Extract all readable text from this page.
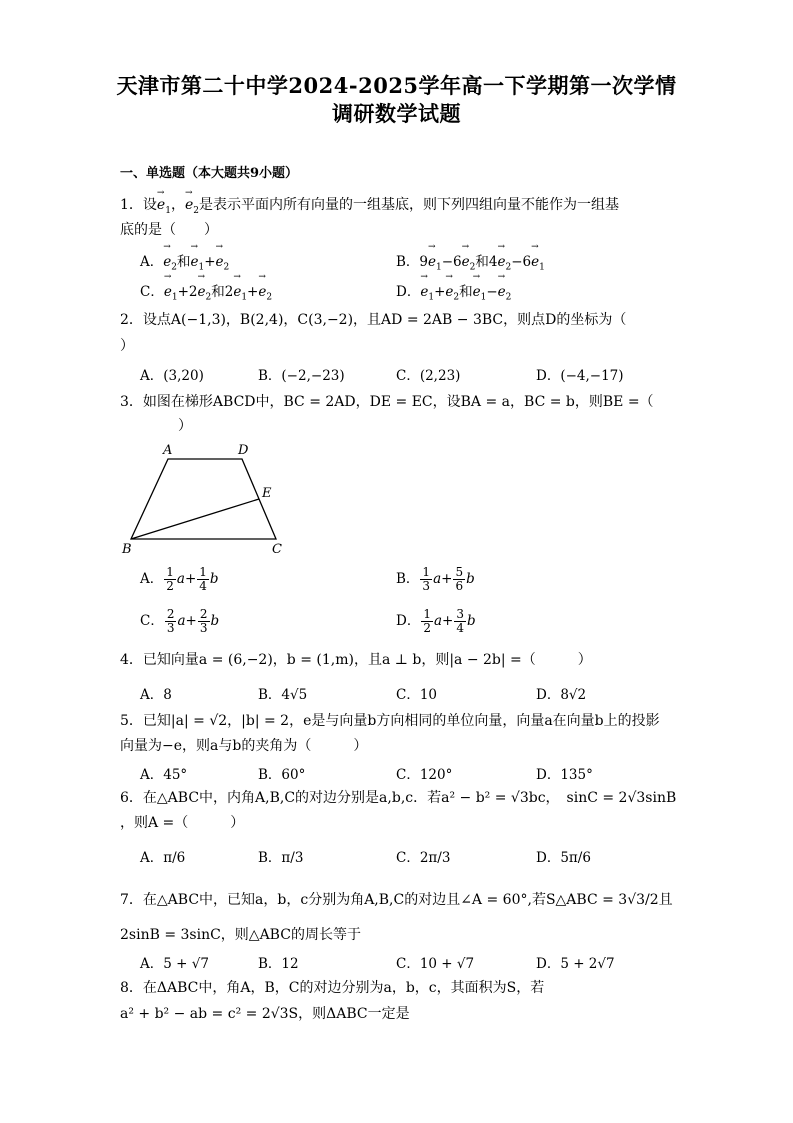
天津市第二十中学2024-2025学年高一下学期第一次学情
调研数学试题
一、单选题（本大题共9小题）
1．设→ $e_1$，→ $e_2$是表示平面内所有向量的一组基底，则下列四组向量不能作为一组基
底的是（　　）
A．→ $e_2$和→ $e_1+\to e_2$	B．$9\to e_1-6\to e_2$和$4\to e_2-6\to e_1$
C．→ $e_1+2\to e_2$和$2\to e_1+\to e_2$	D．→ $e_1+\to e_2$和→ $e_1-\to e_2$
2．设点A(−1,3)，B(2,4)，C(3,−2)，且AD = 2AB − 3BC，则点D的坐标为（
）
A．(3,20)	B．(−2,−23)	C．(2,23)	D．(−4,−17)
3．如图在梯形ABCD中，BC = 2AD，DE = EC，设BA = a，BC = b，则BE =（
）
A	D
E
B	C
A． $\frac{1}{2} a+ \frac{1}{4}$ b	B． $\frac{1}{3} a+ \frac{5}{6}$ b
C． $\frac{2}{3} a+ \frac{2}{3}$ b	D． $\frac{1}{2} a+ \frac{3}{4}$ b
4．已知向量a = (6,−2)，b = (1,m)，且a ⊥ b，则|a − 2b| =（　　　）
A．8	B．4√5	C．10	D．8√2
5．已知|a| = √2，|b| = 2，e是与向量b方向相同的单位向量，向量a在向量b上的投影
向量为−e，则a与b的夹角为（　　　）
A．45°	B．60°	C．120°	D．135°
6．在△ABC中，内角A,B,C的对边分别是a,b,c．若a² − b² = √3bc，　sinC = 2√3sinB
，则A =（　　　）
A．π/6	B．π/3	C．2π/3	D．5π/6
7．在△ABC中，已知a，b，c分别为角A,B,C的对边且∠A = 60°,若S△ABC = 3√3/2且
2sinB = 3sinC，则△ABC的周长等于
A．5 + √7	B．12	C．10 + √7	D．5 + 2√7
8．在ΔABC中，角A，B，C的对边分别为a，b，c，其面积为S，若
a² + b² − ab = c² = 2√3S，则ΔABC一定是
